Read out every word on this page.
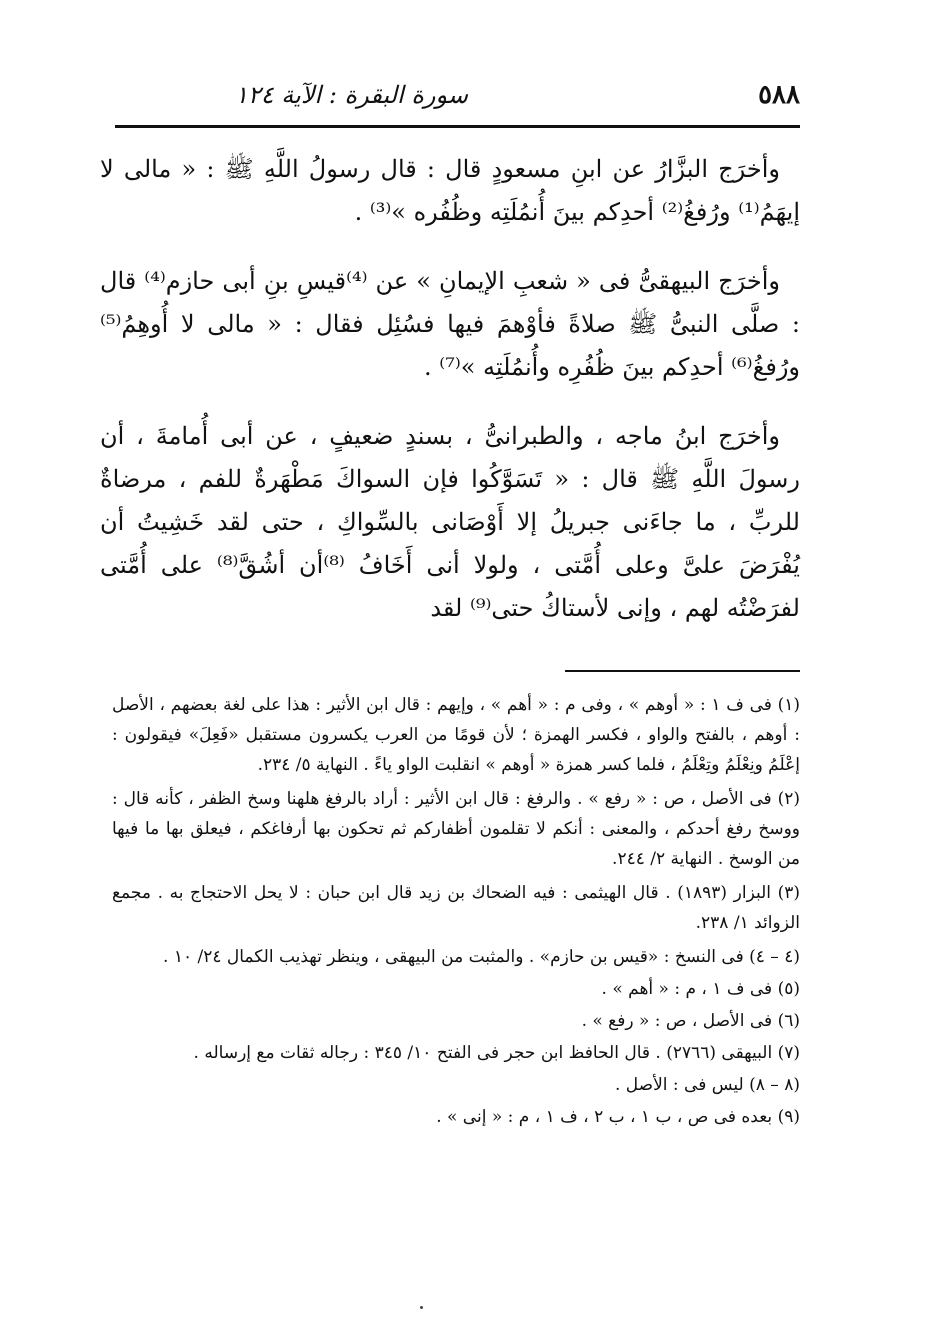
٥٨٨
سورة البقرة : الآية ١٢٤

وأخرَج البزَّارُ عن ابنِ مسعودٍ قال : قال رسولُ اللَّهِ ﷺ : « مالى لا إيهَمُ⁽¹⁾ ورُفغُ⁽²⁾ أحدِكم بينَ أُنمُلَتِه وظُفُره »⁽³⁾ .

وأخرَج البيهقىُّ فى « شعبِ الإيمانِ » عن ⁽⁴⁾قيسِ بنِ أبى حازم⁽⁴⁾ قال : صلَّى النبىُّ ﷺ صلاةً فأوْهمَ فيها فسُئِل فقال : « مالى لا أُوهِمُ⁽⁵⁾ ورُفغُ⁽⁶⁾ أحدِكم بينَ ظُفُرِه وأُنمُلَتِه »⁽⁷⁾ .

وأخرَج ابنُ ماجه ، والطبرانىُّ ، بسندٍ ضعيفٍ ، عن أبى أُمامةَ ، أن رسولَ اللَّهِ ﷺ قال : « تَسَوَّكُوا فإن السواكَ مَطْهَرةٌ للفم ، مرضاةٌ للربِّ ، ما جاءَنى جبريلُ إلا أَوْصَانى بالسِّواكِ ، حتى لقد خَشِيتُ أن يُفْرَضَ علىَّ وعلى أُمَّتى ، ولولا أنى أَخَافُ ⁽⁸⁾أن أشُقَّ⁽⁸⁾ على أُمَّتى لفرَضْتُه لهم ، وإنى لأستاكُ حتى⁽⁹⁾ لقد

(١) فى ف ١ : « أوهم » ، وفى م : « أهم » ، وإيهم : قال ابن الأثير : هذا على لغة بعضهم ، الأصل : أوهم ، بالفتح والواو ، فكسر الهمزة ؛ لأن قومًا من العرب يكسرون مستقبل «فَعِلَ» فيقولون : إعْلَمُ ونِعْلَمُ وتِعْلَمُ ، فلما كسر همزة « أوهم » انقلبت الواو ياءً . النهاية ٥/ ٢٣٤.
(٢) فى الأصل ، ص : « رفع » . والرفغ : قال ابن الأثير : أراد بالرفغ هلهنا وسخ الظفر ، كأنه قال : ووسخ رفغ أحدكم ، والمعنى : أنكم لا تقلمون أظفاركم ثم تحكون بها أرفاغكم ، فيعلق بها ما فيها من الوسخ . النهاية ٢/ ٢٤٤.
(٣) البزار (١٨٩٣) . قال الهيثمى : فيه الضحاك بن زيد قال ابن حبان : لا يحل الاحتجاج به . مجمع الزوائد ١/ ٢٣٨.
(٤ – ٤) فى النسخ : «قيس بن حازم» . والمثبت من البيهقى ، وينظر تهذيب الكمال ٢٤/ ١٠ .
(٥) فى ف ١ ، م : « أهم » .
(٦) فى الأصل ، ص : « رفع » .
(٧) البيهقى (٢٧٦٦) . قال الحافظ ابن حجر فى الفتح ١٠/ ٣٤٥ : رجاله ثقات مع إرساله .
(٨ – ٨) ليس فى : الأصل .
(٩) بعده فى ص ، ب ١ ، ب ٢ ، ف ١ ، م : « إنى » .
